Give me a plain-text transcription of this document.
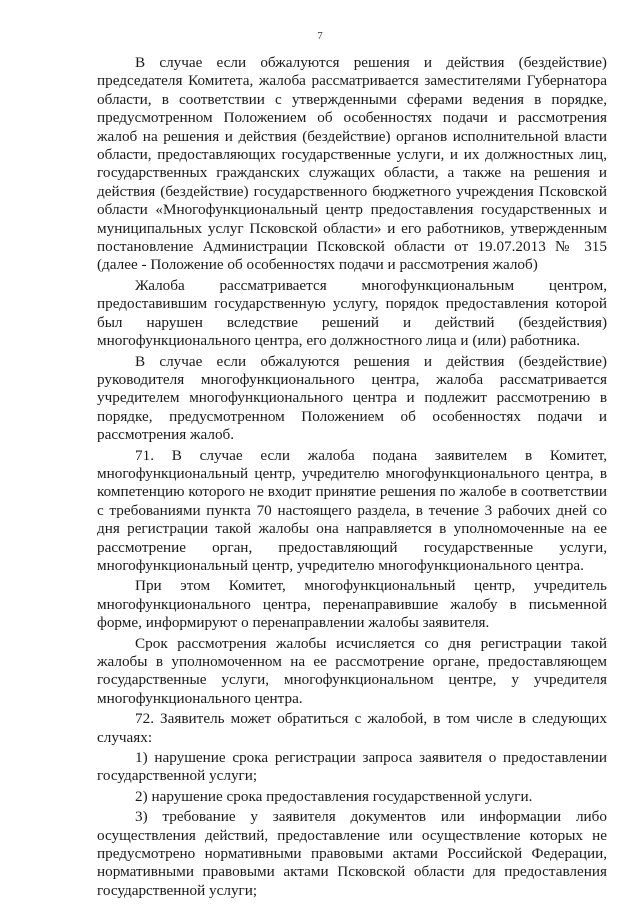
7

В случае если обжалуются решения и действия (бездействие) председателя Комитета, жалоба рассматривается заместителями Губернатора области, в соответствии с утвержденными сферами ведения в порядке, предусмотренном Положением об особенностях подачи и рассмотрения жалоб на решения и действия (бездействие) органов исполнительной власти области, предоставляющих государственные услуги, и их должностных лиц, государственных гражданских служащих области, а также на решения и действия (бездействие) государственного бюджетного учреждения Псковской области «Многофункциональный центр предоставления государственных и муниципальных услуг Псковской области» и его работников, утвержденным постановление Администрации Псковской области от 19.07.2013 № 315 (далее - Положение об особенностях подачи и рассмотрения жалоб)

Жалоба рассматривается многофункциональным центром, предоставившим государственную услугу, порядок предоставления которой был нарушен вследствие решений и действий (бездействия) многофункционального центра, его должностного лица и (или) работника.

В случае если обжалуются решения и действия (бездействие) руководителя многофункционального центра, жалоба рассматривается учредителем многофункционального центра и подлежит рассмотрению в порядке, предусмотренном Положением об особенностях подачи и рассмотрения жалоб.

71. В случае если жалоба подана заявителем в Комитет, многофункциональный центр, учредителю многофункционального центра, в компетенцию которого не входит принятие решения по жалобе в соответствии с требованиями пункта 70 настоящего раздела, в течение 3 рабочих дней со дня регистрации такой жалобы она направляется в уполномоченные на ее рассмотрение орган, предоставляющий государственные услуги, многофункциональный центр, учредителю многофункционального центра.

При этом Комитет, многофункциональный центр, учредитель многофункционального центра, перенаправившие жалобу в письменной форме, информируют о перенаправлении жалобы заявителя.

Срок рассмотрения жалобы исчисляется со дня регистрации такой жалобы в уполномоченном на ее рассмотрение органе, предоставляющем государственные услуги, многофункциональном центре, у учредителя многофункционального центра.

72. Заявитель может обратиться с жалобой, в том числе в следующих случаях:

1) нарушение срока регистрации запроса заявителя о предоставлении государственной услуги;

2) нарушение срока предоставления государственной услуги.

3) требование у заявителя документов или информации либо осуществления действий, предоставление или осуществление которых не предусмотрено нормативными правовыми актами Российской Федерации, нормативными правовыми актами Псковской области для предоставления государственной услуги;
